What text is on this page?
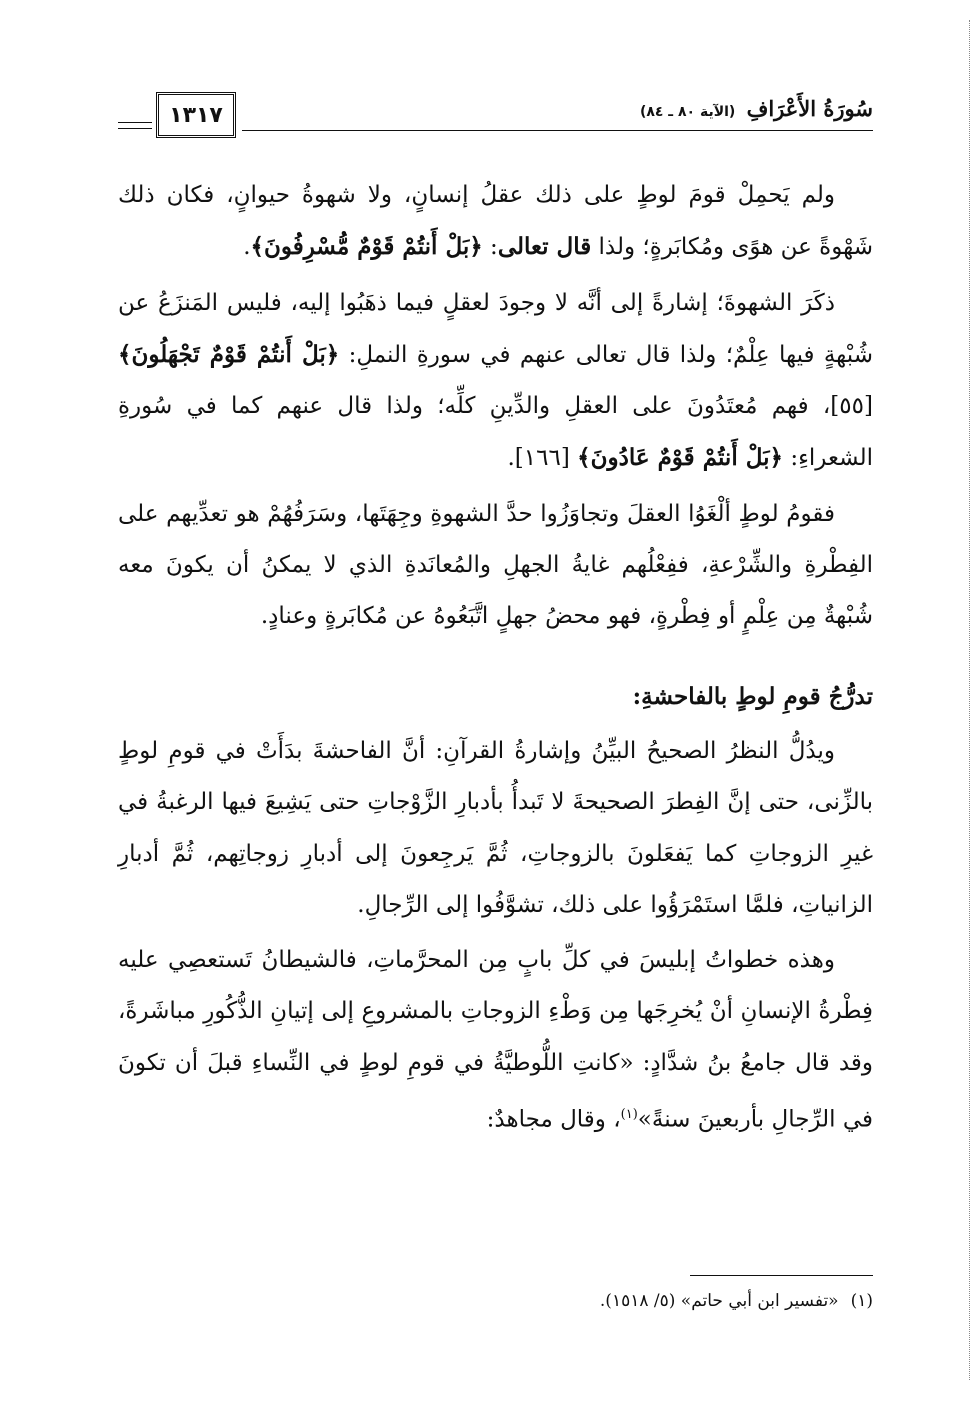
١٣١٧	سُورَةُ الأَعْرَافِ (الآية ٨٠ ـ ٨٤)

ولم يَحمِلْ قومَ لوطٍ على ذلك عقلُ إنسانٍ، ولا شهوةُ حيوانٍ، فكان ذلك شَهْوةً عن هوًى ومُكابَرةٍ؛ ولذا قال تعالى: ﴿بَلْ أَنتُمْ قَوْمٌ مُّسْرِفُونَ﴾.

ذكَرَ الشهوةَ؛ إشارةً إلى أنَّه لا وجودَ لعقلٍ فيما ذهَبُوا إليه، فليس المَنزَعُ عن شُبْهةٍ فيها عِلْمٌ؛ ولذا قال تعالى عنهم في سورةِ النملِ: ﴿بَلْ أَنتُمْ قَوْمٌ تَجْهَلُونَ﴾ [٥٥]، فهم مُعتَدُونَ على العقلِ والدِّينِ كلِّه؛ ولذا قال عنهم كما في سُورةِ الشعراءِ: ﴿بَلْ أَنتُمْ قَوْمٌ عَادُونَ﴾ [١٦٦].

فقومُ لوطٍ ألْغَوُا العقلَ وتجاوَزُوا حدَّ الشهوةِ وجِهَتَها، وسَرَفُهُمْ هو تعدِّيهم على الفِطْرةِ والشِّرْعةِ، ففِعْلُهم غايةُ الجهلِ والمُعانَدةِ الذي لا يمكنُ أن يكونَ معه شُبْهةٌ مِن عِلْمٍ أو فِطْرةٍ، فهو محضُ جهلٍ اتَّبَعُوهُ عن مُكابَرةٍ وعنادٍ.

تدرُّجُ قومِ لوطٍ بالفاحشةِ:

ويدُلُّ النظرُ الصحيحُ البيِّنُ وإشارةُ القرآنِ: أنَّ الفاحشةَ بدَأَتْ في قومِ لوطٍ بالزِّنى، حتى إنَّ الفِطرَ الصحيحةَ لا تَبدأُ بأدبارِ الزَّوْجاتِ حتى يَشِيعَ فيها الرغبةُ في غيرِ الزوجاتِ كما يَفعَلونَ بالزوجاتِ، ثُمَّ يَرجِعونَ إلى أدبارِ زوجاتِهم، ثُمَّ أدبارِ الزانياتِ، فلمَّا استَمْرَؤُوا على ذلك، تشوَّفُوا إلى الرِّجالِ.

وهذه خطواتُ إبليسَ في كلِّ بابٍ مِن المحرَّماتِ، فالشيطانُ تَستعصِي عليه فِطْرةُ الإنسانِ أنْ يُخرِجَها مِن وَطْءِ الزوجاتِ بالمشروعِ إلى إتيانِ الذُّكُورِ مباشَرةً، وقد قال جامعُ بنُ شدَّادٍ: «كانتِ اللُّوطيَّةُ في قومِ لوطٍ في النِّساءِ قبلَ أن تكونَ في الرِّجالِ بأربعينَ سنةً»$^{(١)}$، وقال مجاهدٌ:

(١)«تفسير ابن أبي حاتم» (٥/ ١٥١٨).
